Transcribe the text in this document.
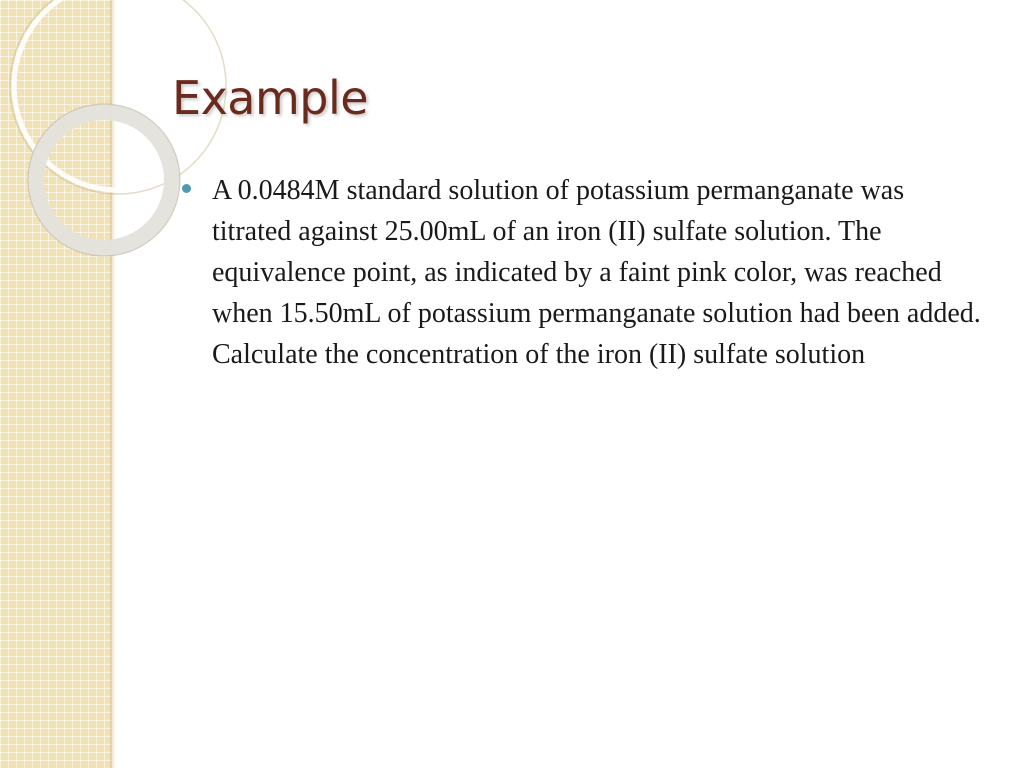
Example

A 0.0484M standard solution of potassium permanganate was titrated against 25.00mL of an iron (II) sulfate solution. The equivalence point, as indicated by a faint pink color, was reached when 15.50mL of potassium permanganate solution had been added. Calculate the concentration of the iron (II) sulfate solution
